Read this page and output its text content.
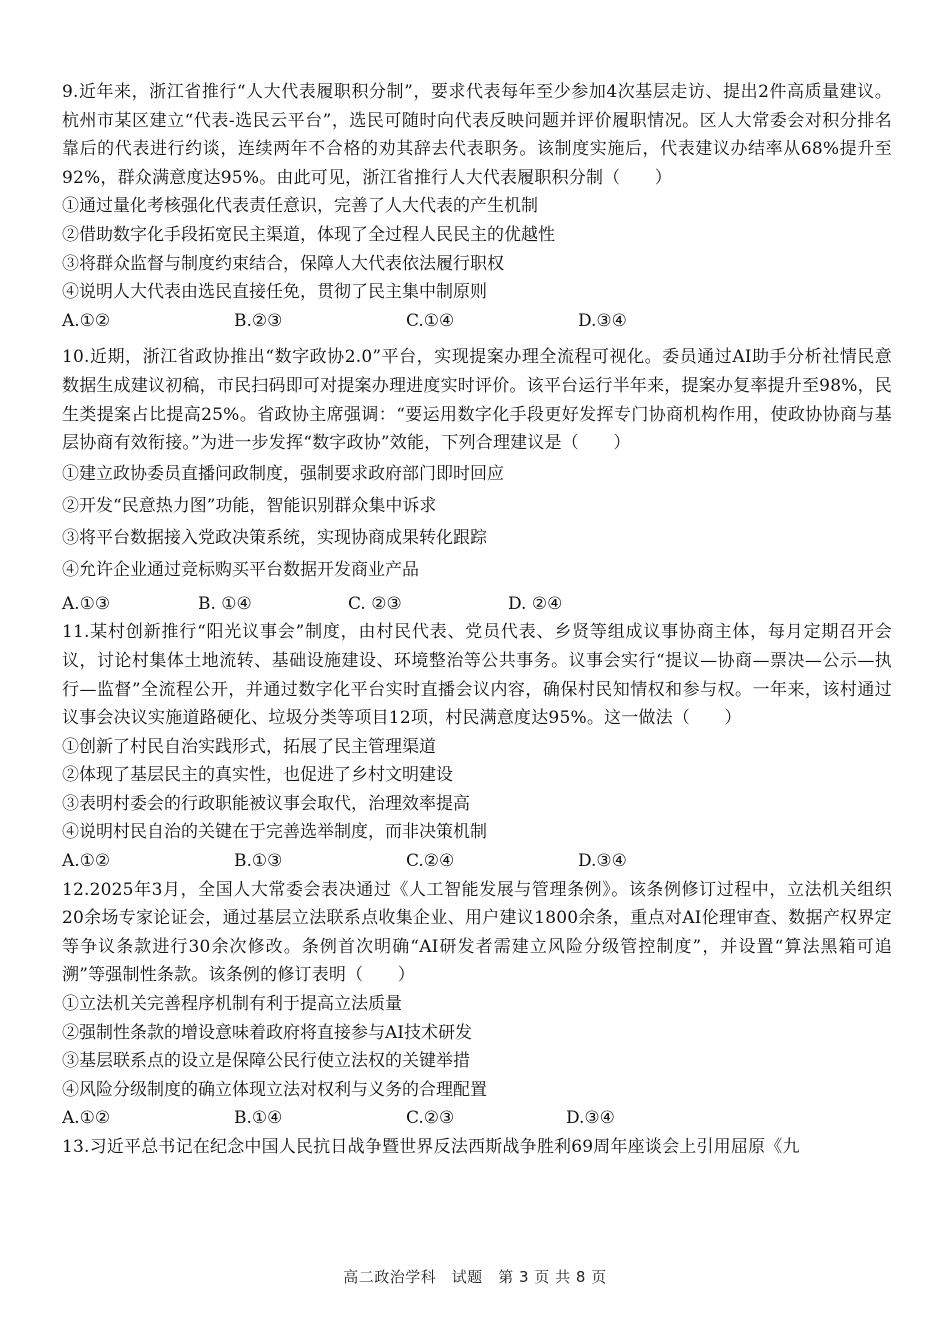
9.近年来，浙江省推行“人大代表履职积分制”，要求代表每年至少参加4次基层走访、提出2件高质量建议。杭州市某区建立“代表-选民云平台”，选民可随时向代表反映问题并评价履职情况。区人大常委会对积分排名靠后的代表进行约谈，连续两年不合格的劝其辞去代表职务。该制度实施后，代表建议办结率从68%提升至92%，群众满意度达95%。由此可见，浙江省推行人大代表履职积分制（　　）

①通过量化考核强化代表责任意识，完善了人大代表的产生机制

②借助数字化手段拓宽民主渠道，体现了全过程人民民主的优越性

③将群众监督与制度约束结合，保障人大代表依法履行职权

④说明人大代表由选民直接任免，贯彻了民主集中制原则

A.①②	B.②③	C.①④	D.③④

10.近期，浙江省政协推出“数字政协2.0”平台，实现提案办理全流程可视化。委员通过AI助手分析社情民意数据生成建议初稿，市民扫码即可对提案办理进度实时评价。该平台运行半年来，提案办复率提升至98%，民生类提案占比提高25%。省政协主席强调：“要运用数字化手段更好发挥专门协商机构作用，使政协协商与基层协商有效衔接。”为进一步发挥“数字政协”效能，下列合理建议是（　　）

①建立政协委员直播问政制度，强制要求政府部门即时回应

②开发“民意热力图”功能，智能识别群众集中诉求

③将平台数据接入党政决策系统，实现协商成果转化跟踪

④允许企业通过竞标购买平台数据开发商业产品

A.①③	B. ①④	C. ②③	D. ②④

11.某村创新推行“阳光议事会”制度，由村民代表、党员代表、乡贤等组成议事协商主体，每月定期召开会议，讨论村集体土地流转、基础设施建设、环境整治等公共事务。议事会实行“提议—协商—票决—公示—执行—监督”全流程公开，并通过数字化平台实时直播会议内容，确保村民知情权和参与权。一年来，该村通过议事会决议实施道路硬化、垃圾分类等项目12项，村民满意度达95%。这一做法（　　）

①创新了村民自治实践形式，拓展了民主管理渠道

②体现了基层民主的真实性，也促进了乡村文明建设

③表明村委会的行政职能被议事会取代，治理效率提高

④说明村民自治的关键在于完善选举制度，而非决策机制

A.①②	B.①③	C.②④	D.③④

12.2025年3月，全国人大常委会表决通过《人工智能发展与管理条例》。该条例修订过程中，立法机关组织20余场专家论证会，通过基层立法联系点收集企业、用户建议1800余条，重点对AI伦理审查、数据产权界定等争议条款进行30余次修改。条例首次明确“AI研发者需建立风险分级管控制度”，并设置“算法黑箱可追溯”等强制性条款。该条例的修订表明（　　）

①立法机关完善程序机制有利于提高立法质量

②强制性条款的增设意味着政府将直接参与AI技术研发

③基层联系点的设立是保障公民行使立法权的关键举措

④风险分级制度的确立体现立法对权利与义务的合理配置

A.①②	B.①④	C.②③	D.③④

13.习近平总书记在纪念中国人民抗日战争暨世界反法西斯战争胜利69周年座谈会上引用屈原《九

高二政治学科　试题　第 3 页 共 8 页
